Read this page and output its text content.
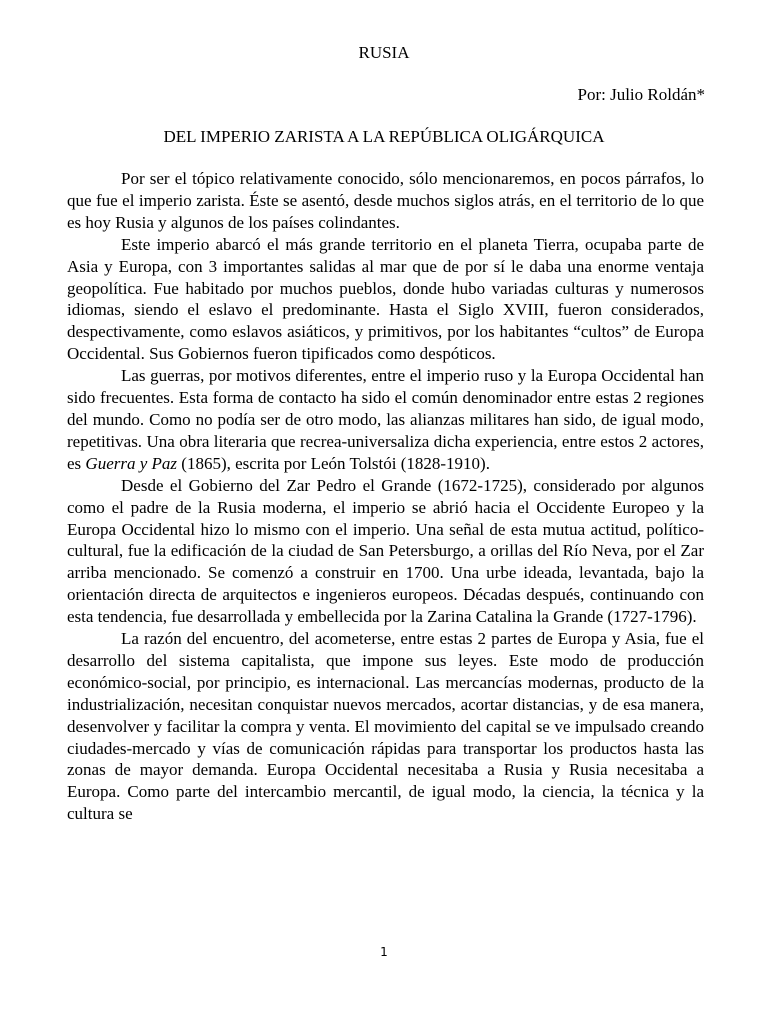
RUSIA
Por: Julio Roldán*
DEL IMPERIO ZARISTA A LA REPÚBLICA OLIGÁRQUICA

Por ser el tópico relativamente conocido, sólo mencionaremos, en pocos párrafos, lo que fue el imperio zarista. Éste se asentó, desde muchos siglos atrás, en el territorio de lo que es hoy Rusia y algunos de los países colindantes.

Este imperio abarcó el más grande territorio en el planeta Tierra, ocupaba parte de Asia y Europa, con 3 importantes salidas al mar que de por sí le daba una enorme ventaja geopolítica. Fue habitado por muchos pueblos, donde hubo variadas culturas y numerosos idiomas, siendo el eslavo el predominante. Hasta el Siglo XVIII, fueron considerados, despectivamente, como eslavos asiáticos, y primitivos, por los habitantes “cultos” de Europa Occidental. Sus Gobiernos fueron tipificados como despóticos.

Las guerras, por motivos diferentes, entre el imperio ruso y la Europa Occidental han sido frecuentes. Esta forma de contacto ha sido el común denominador entre estas 2 regiones del mundo. Como no podía ser de otro modo, las alianzas militares han sido, de igual modo, repetitivas. Una obra literaria que recrea-universaliza dicha experiencia, entre estos 2 actores, es Guerra y Paz (1865), escrita por León Tolstói (1828-1910).

Desde el Gobierno del Zar Pedro el Grande (1672-1725), considerado por algunos como el padre de la Rusia moderna, el imperio se abrió hacia el Occidente Europeo y la Europa Occidental hizo lo mismo con el imperio. Una señal de esta mutua actitud, político-cultural, fue la edificación de la ciudad de San Petersburgo, a orillas del Río Neva, por el Zar arriba mencionado. Se comenzó a construir en 1700. Una urbe ideada, levantada, bajo la orientación directa de arquitectos e ingenieros europeos. Décadas después, continuando con esta tendencia, fue desarrollada y embellecida por la Zarina Catalina la Grande (1727-1796).

La razón del encuentro, del acometerse, entre estas 2 partes de Europa y Asia, fue el desarrollo del sistema capitalista, que impone sus leyes. Este modo de producción económico-social, por principio, es internacional. Las mercancías modernas, producto de la industrialización, necesitan conquistar nuevos mercados, acortar distancias, y de esa manera, desenvolver y facilitar la compra y venta. El movimiento del capital se ve impulsado creando ciudades-mercado y vías de comunicación rápidas para transportar los productos hasta las zonas de mayor demanda. Europa Occidental necesitaba a Rusia y Rusia necesitaba a Europa. Como parte del intercambio mercantil, de igual modo, la ciencia, la técnica y la cultura se

1
